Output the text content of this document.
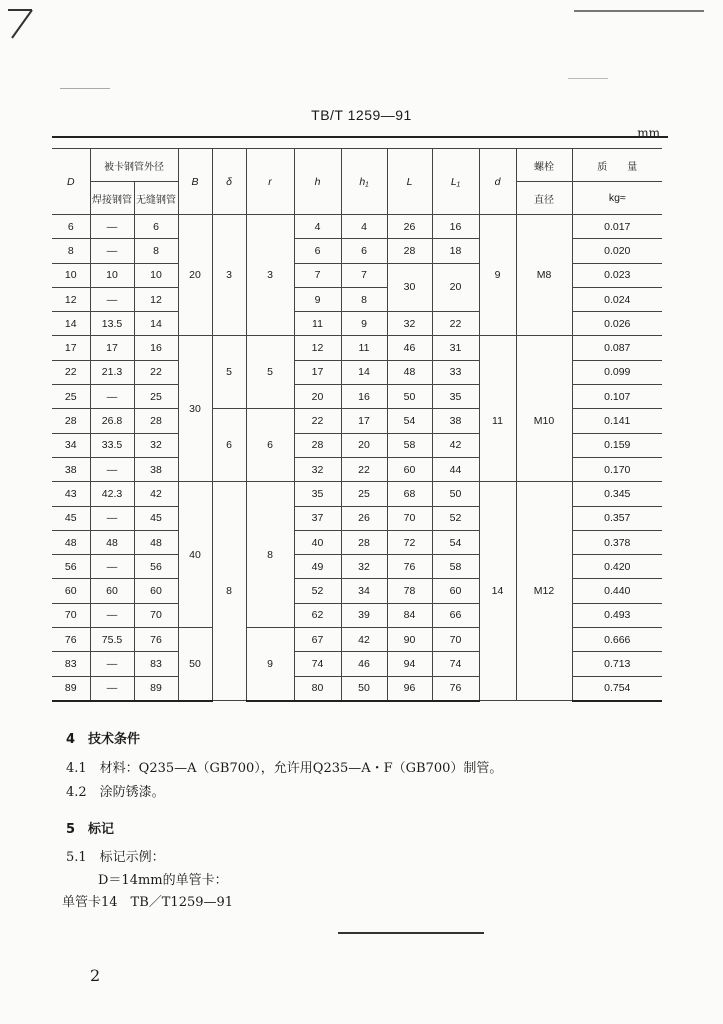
TB/T 1259—91
mm
D	被卡钢管外径		B	δ	r	h	h₁	L	L₁	d	螺栓	质　　量
	焊接钢管	无缝钢管									直径	kg≈
6	—	6	20	3	3	4	4	26	16	9	M8	0.017
8	—	8				6	6	28	18			0.020
10	10	10				7	7	30	20			0.023
12	—	12				9	8					0.024
14	13.5	14				11	9	32	22			0.026
17	17	16	30	5	5	12	11	46	31			0.087
22	21.3	22				17	14	48	33	11	M10	0.099
25	—	25				20	16	50	35			0.107
28	26.8	28		6	6	22	17	54	38			0.141
34	33.5	32				28	20	58	42			0.159
38	—	38				32	22	60	44			0.170
43	42.3	42	40	8	8	35	25	68	50	14	M12	0.345
45	—	45				37	26	70	52			0.357
48	48	48				40	28	72	54			0.378
56	—	56				49	32	76	58			0.420
60	60	60				52	34	78	60			0.440
70	—	70				62	39	84	66			0.493
76	75.5	76	50		9	67	42	90	70			0.666
83	—	83				74	46	94	74			0.713
89	—	89				80	50	96	76			0.754
4　技术条件
4.1　材料：Q235—A（GB700），允许用Q235—A・F（GB700）制管。
4.2　涂防锈漆。
5　标记
5.1　标记示例：
D＝14mm的单管卡：
单管卡14　TB／T1259—91
2
